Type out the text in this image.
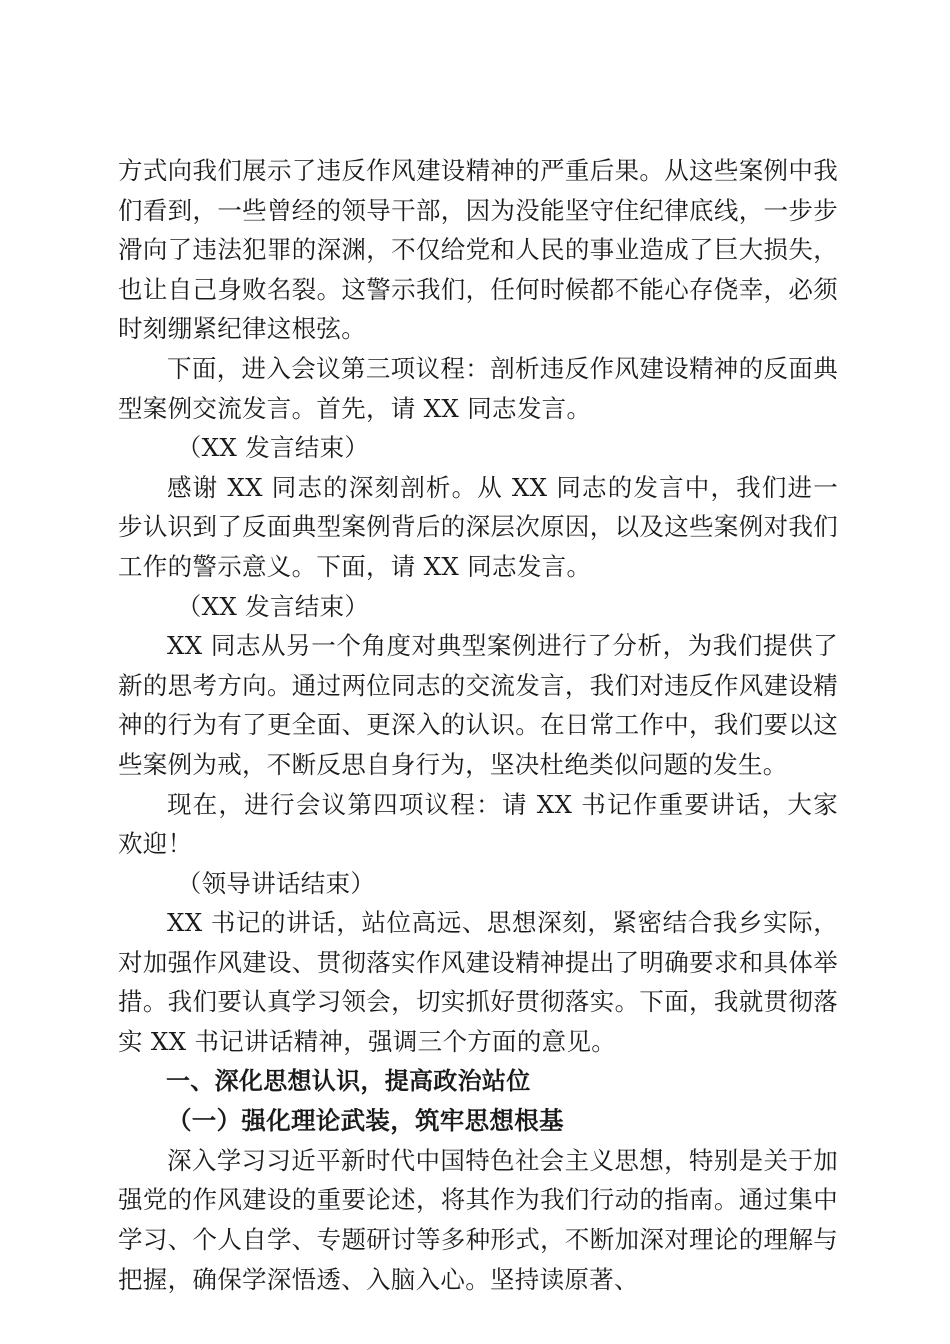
方式向我们展示了违反作风建设精神的严重后果。从这些案例中我们看到，一些曾经的领导干部，因为没能坚守住纪律底线，一步步滑向了违法犯罪的深渊，不仅给党和人民的事业造成了巨大损失，也让自己身败名裂。这警示我们，任何时候都不能心存侥幸，必须时刻绷紧纪律这根弦。

下面，进入会议第三项议程：剖析违反作风建设精神的反面典型案例交流发言。首先，请 XX 同志发言。

（XX 发言结束）

感谢 XX 同志的深刻剖析。从 XX 同志的发言中，我们进一步认识到了反面典型案例背后的深层次原因，以及这些案例对我们工作的警示意义。下面，请 XX 同志发言。

（XX 发言结束）

XX 同志从另一个角度对典型案例进行了分析，为我们提供了新的思考方向。通过两位同志的交流发言，我们对违反作风建设精神的行为有了更全面、更深入的认识。在日常工作中，我们要以这些案例为戒，不断反思自身行为，坚决杜绝类似问题的发生。

现在，进行会议第四项议程：请 XX 书记作重要讲话，大家欢迎！

（领导讲话结束）

XX 书记的讲话，站位高远、思想深刻，紧密结合我乡实际，对加强作风建设、贯彻落实作风建设精神提出了明确要求和具体举措。我们要认真学习领会，切实抓好贯彻落实。下面，我就贯彻落实 XX 书记讲话精神，强调三个方面的意见。

一、深化思想认识，提高政治站位

（一）强化理论武装，筑牢思想根基

深入学习习近平新时代中国特色社会主义思想，特别是关于加强党的作风建设的重要论述，将其作为我们行动的指南。通过集中学习、个人自学、专题研讨等多种形式，不断加深对理论的理解与把握，确保学深悟透、入脑入心。坚持读原著、
